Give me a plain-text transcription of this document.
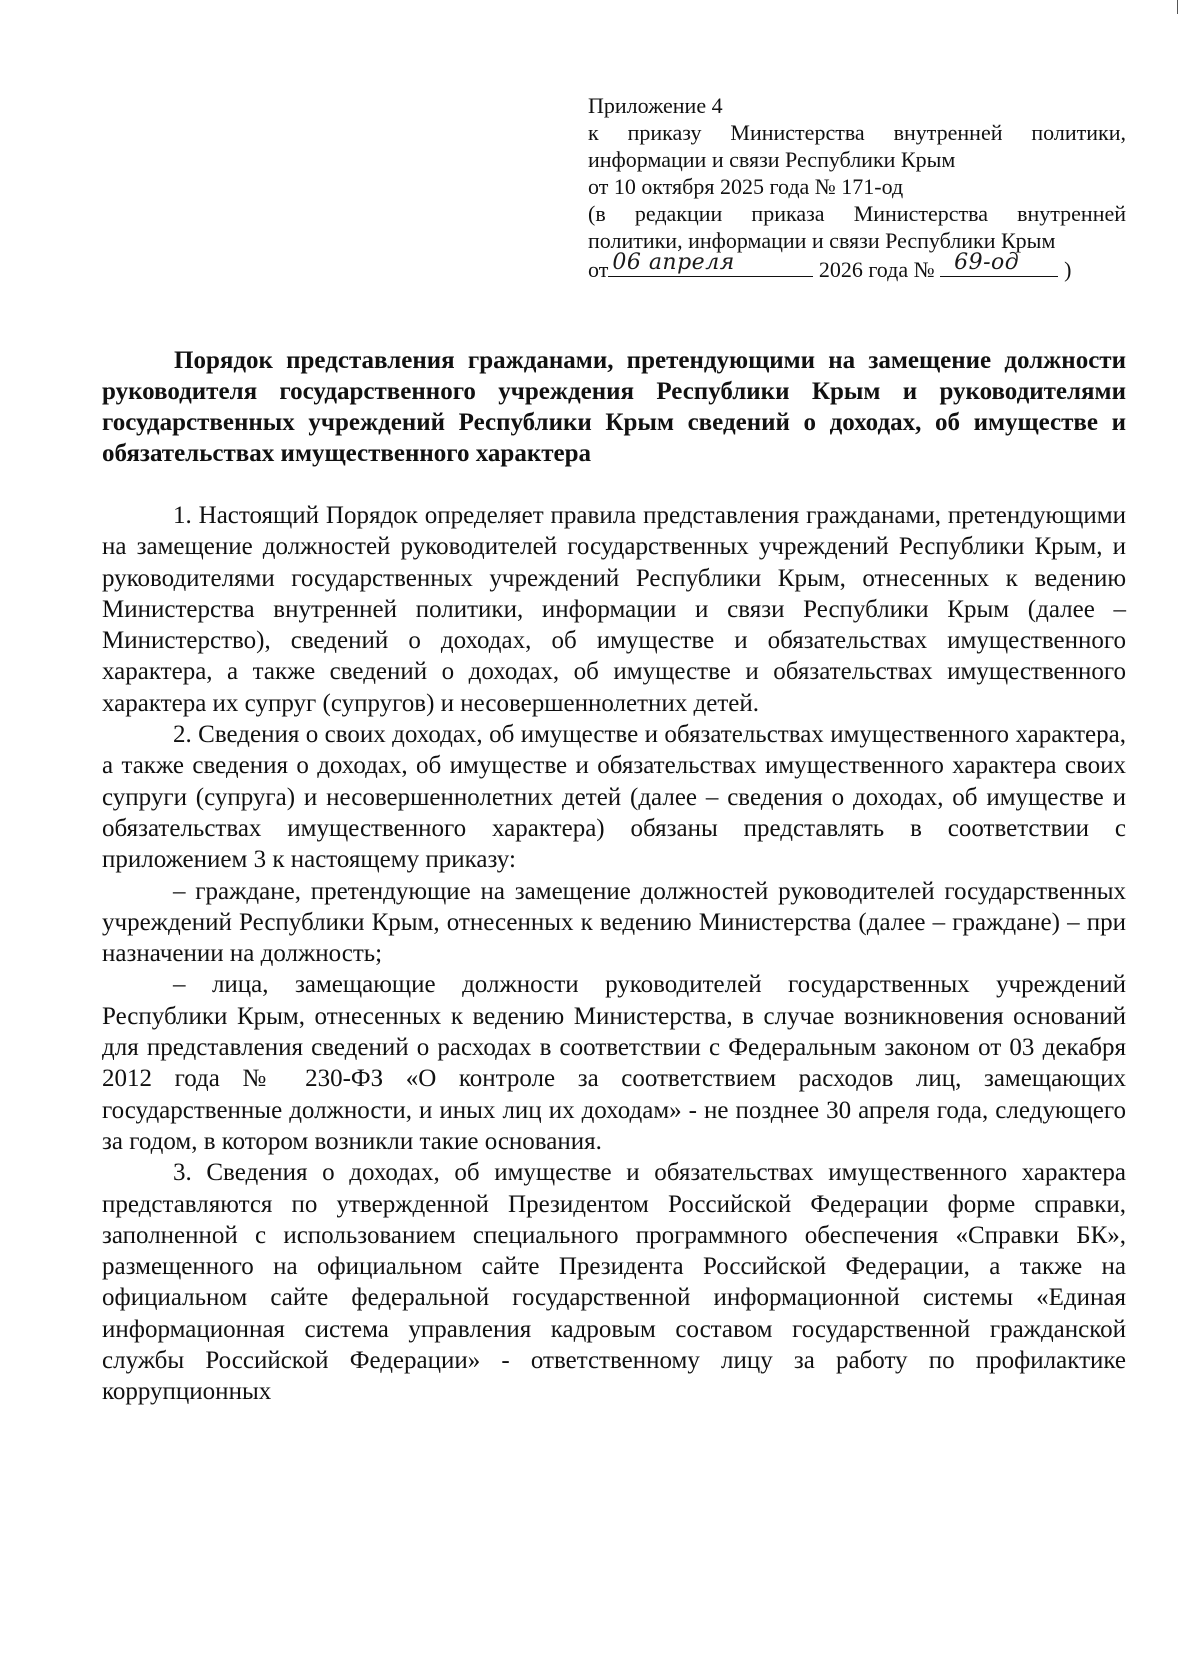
Приложение 4
к приказу Министерства внутренней политики,
информации и связи Республики Крым
от 10 октября 2025 года № 171-од
(в редакции приказа Министерства внутренней
политики, информации и связи Республики Крым
от 06 апреля	2026 года № 69-од )
Порядок представления гражданами, претендующими на замещение должности руководителя государственного учреждения Республики Крым и руководителями государственных учреждений Республики Крым сведений о доходах, об имуществе и обязательствах имущественного характера

1. Настоящий Порядок определяет правила представления гражданами, претендующими на замещение должностей руководителей государственных учреждений Республики Крым, и руководителями государственных учреждений Республики Крым, отнесенных к ведению Министерства внутренней политики, информации и связи Республики Крым (далее – Министерство), сведений о доходах, об имуществе и обязательствах имущественного характера, а также сведений о доходах, об имуществе и обязательствах имущественного характера их супруг (супругов) и несовершеннолетних детей.

2. Сведения о своих доходах, об имуществе и обязательствах имущественного характера, а также сведения о доходах, об имуществе и обязательствах имущественного характера своих супруги (супруга) и несовершеннолетних детей (далее – сведения о доходах, об имуществе и обязательствах имущественного характера) обязаны представлять в соответствии с приложением 3 к настоящему приказу:

– граждане, претендующие на замещение должностей руководителей государственных учреждений Республики Крым, отнесенных к ведению Министерства (далее – граждане) – при назначении на должность;

– лица, замещающие должности руководителей государственных учреждений Республики Крым, отнесенных к ведению Министерства, в случае возникновения оснований для представления сведений о расходах в соответствии с Федеральным законом от 03 декабря 2012 года № 230-ФЗ «О контроле за соответствием расходов лиц, замещающих государственные должности, и иных лиц их доходам» - не позднее 30 апреля года, следующего за годом, в котором возникли такие основания.

3. Сведения о доходах, об имуществе и обязательствах имущественного характера представляются по утвержденной Президентом Российской Федерации форме справки, заполненной с использованием специального программного обеспечения «Справки БК», размещенного на официальном сайте Президента Российской Федерации, а также на официальном сайте федеральной государственной информационной системы «Единая информационная система управления кадровым составом государственной гражданской службы Российской Федерации» - ответственному лицу за работу по профилактике коррупционных
